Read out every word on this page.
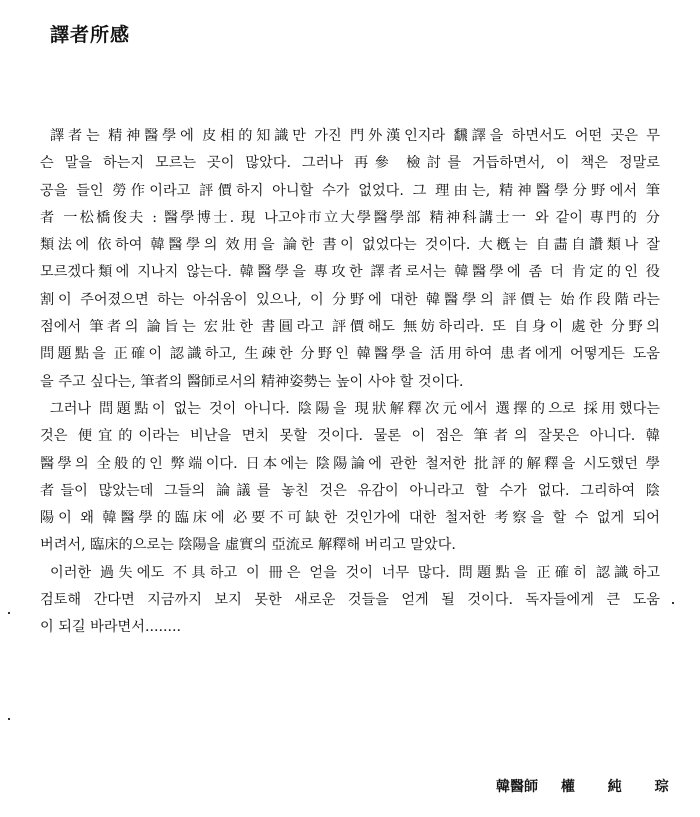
譯者所感
譯者는 精神醫學에 皮相的知識만 가진 門外漢인지라 飜譯을 하면서도 어떤 곳은 무
슨 말을 하는지 모르는 곳이 많았다. 그러나 再參 檢討를 거듭하면서, 이 책은 정말로
공을 들인 勞作이라고 評價하지 아니할 수가 없었다. 그 理由는, 精神醫學分野에서 筆
者 一松橋俊夫 : 醫學博士. 現 나고야市立大學醫學部 精神科講士一 와 같이 專門的 分
類法에 依하여 韓醫學의 效用을 論한 書이 없었다는 것이다. 大槪는 自畵自讚類나 잘
모르겠다類에 지나지 않는다. 韓醫學을 專攻한 譯者로서는 韓醫學에 좀 더 肯定的인 役
割이 주어졌으면 하는 아쉬움이 있으나, 이 分野에 대한 韓醫學의 評價는 始作段階라는
점에서 筆者의 論旨는 宏壯한 書圓라고 評價해도 無妨하리라. 또 自身이 處한 分野의
問題點을 正確이 認識하고, 生疎한 分野인 韓醫學을 活用하여 患者에게 어떻게든 도움
을 주고 싶다는, 筆者의 醫師로서의 精神姿勢는 높이 사야 할 것이다.
그러나 問題點이 없는 것이 아니다. 陰陽을 現狀解釋次元에서 選擇的으로 採用했다는
것은 便宜的이라는 비난을 면치 못할 것이다. 물론 이 점은 筆者의 잘못은 아니다. 韓
醫學의 全般的인 弊端이다. 日本에는 陰陽論에 관한 철저한 批評的解釋을 시도했던 學
者들이 많았는데 그들의 論議를 놓친 것은 유감이 아니라고 할 수가 없다. 그리하여 陰
陽이 왜 韓醫學的臨床에 必要不可缺한 것인가에 대한 철저한 考察을 할 수 없게 되어
버려서, 臨床的으로는 陰陽을 虛實의 亞流로 解釋해 버리고 말았다.
이러한 過失에도 不具하고 이 冊은 얻을 것이 너무 많다. 問題點을 正確히 認識하고
검토해 간다면 지금까지 보지 못한 새로운 것들을 얻게 될 것이다. 독자들에게 큰 도움
이 되길 바라면서........
韓醫師 權 純 琮
